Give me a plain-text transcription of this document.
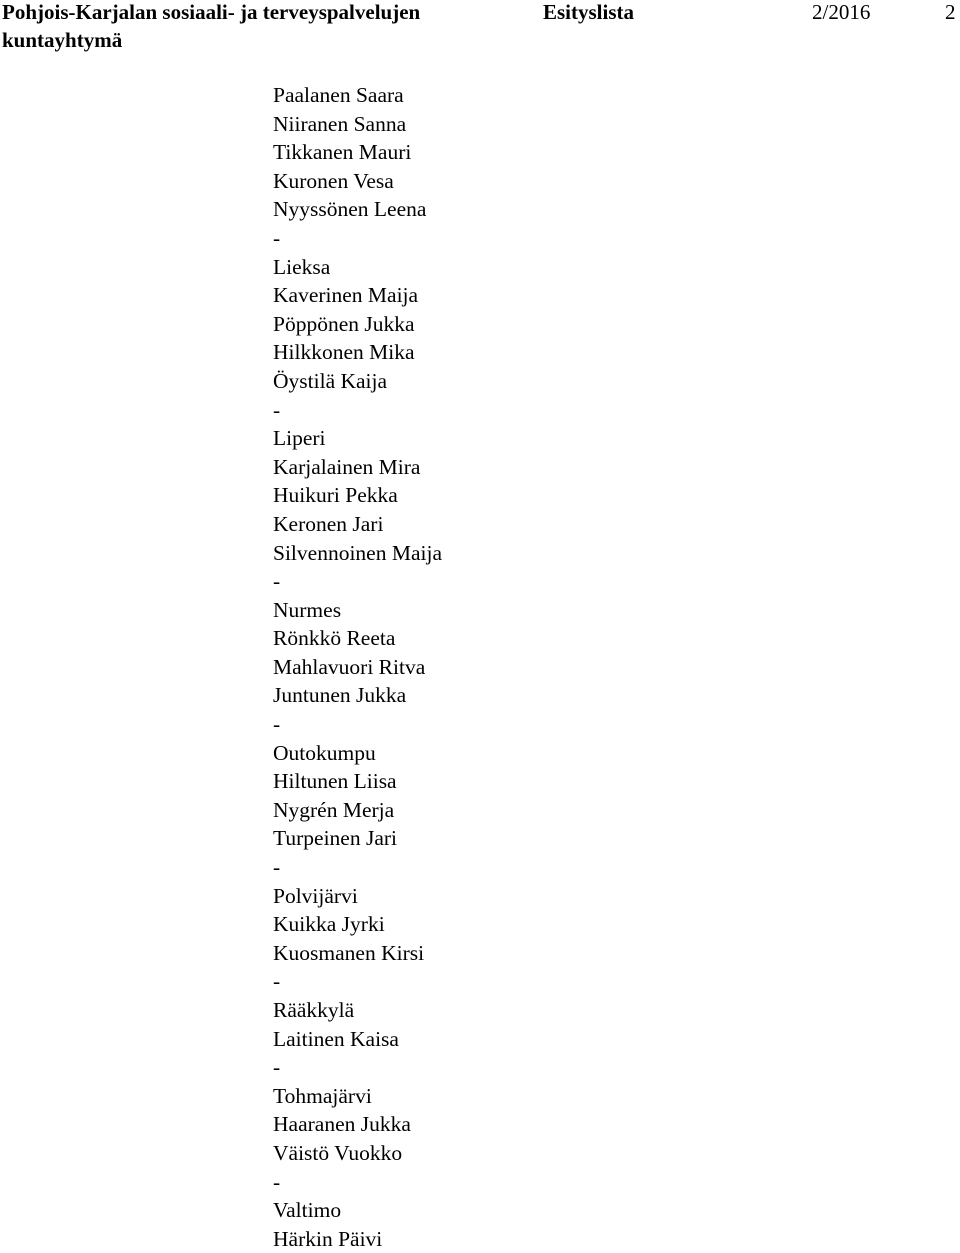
Pohjois-Karjalan sosiaali- ja terveyspalvelujen kuntayhtymä
Esityslista	2/2016	2
Paalanen Saara
Niiranen Sanna
Tikkanen Mauri
Kuronen Vesa
Nyyssönen Leena
-
Lieksa
Kaverinen Maija
Pöppönen Jukka
Hilkkonen Mika
Öystilä Kaija
-
Liperi
Karjalainen Mira
Huikuri Pekka
Keronen Jari
Silvennoinen Maija
-
Nurmes
Rönkkö Reeta
Mahlavuori Ritva
Juntunen Jukka
-
Outokumpu
Hiltunen Liisa
Nygrén Merja
Turpeinen Jari
-
Polvijärvi
Kuikka Jyrki
Kuosmanen Kirsi
-
Rääkkylä
Laitinen Kaisa
-
Tohmajärvi
Haaranen Jukka
Väistö Vuokko
-
Valtimo
Härkin Päivi
